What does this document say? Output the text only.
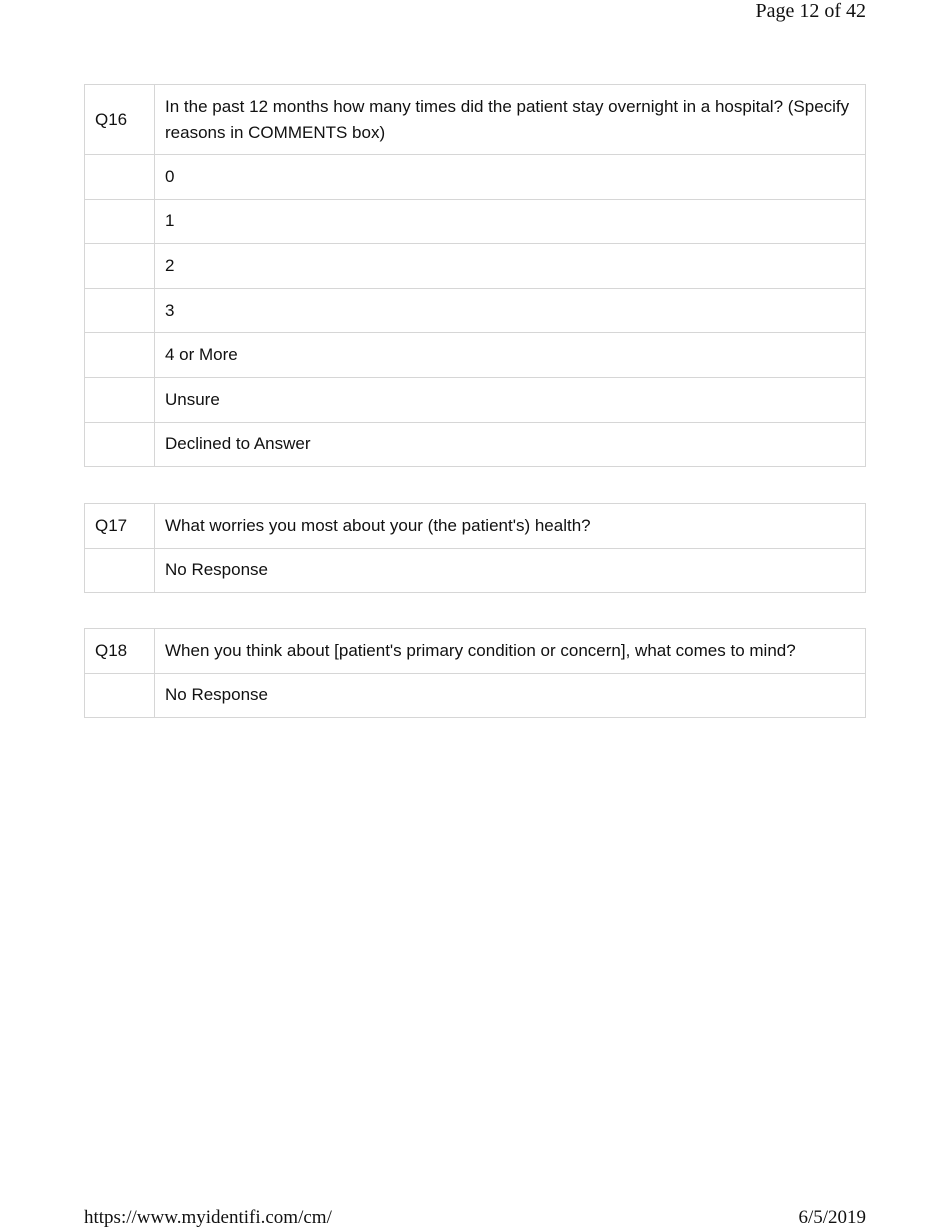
Page 12 of 42
Q16	In the past 12 months how many times did the patient stay overnight in a hospital? (Specify reasons in COMMENTS box)
	0
	1
	2
	3
	4 or More
	Unsure
	Declined to Answer
Q17	What worries you most about your (the patient's) health?
	No Response
Q18	When you think about [patient's primary condition or concern], what comes to mind?
	No Response
https://www.myidentifi.com/cm/	6/5/2019
